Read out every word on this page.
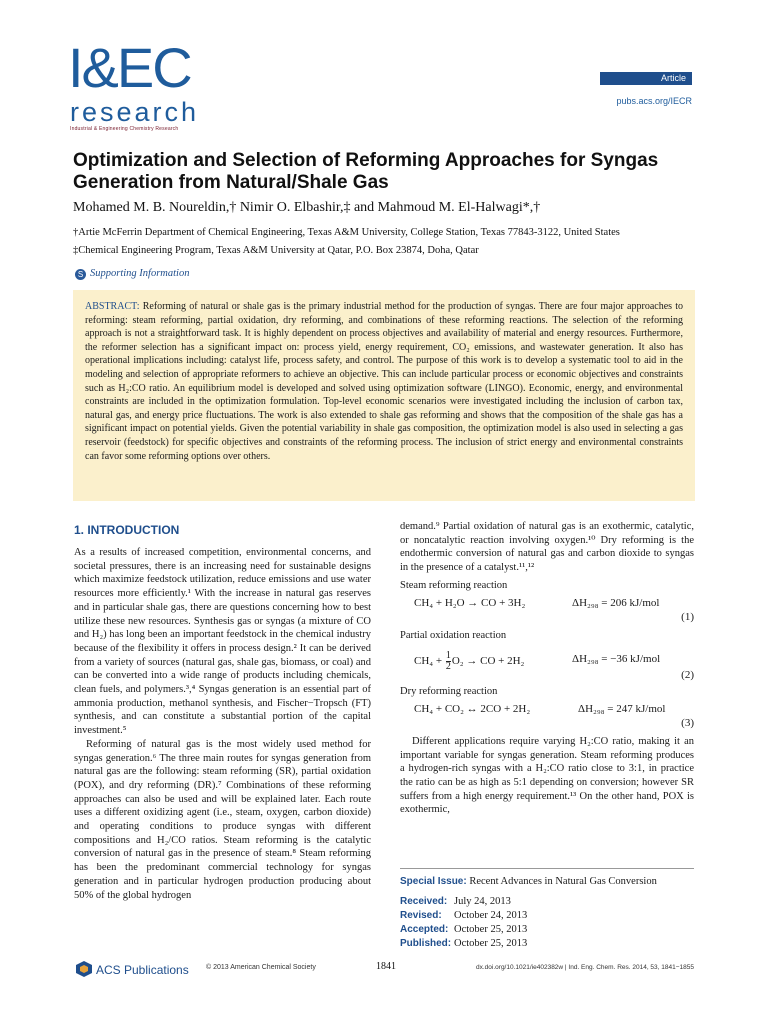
I&EC
research
Industrial & Engineering Chemistry Research
Article
pubs.acs.org/IECR
Optimization and Selection of Reforming Approaches for Syngas Generation from Natural/Shale Gas
Mohamed M. B. Noureldin,† Nimir O. Elbashir,‡ and Mahmoud M. El-Halwagi*,†
†Artie McFerrin Department of Chemical Engineering, Texas A&M University, College Station, Texas 77843-3122, United States
‡Chemical Engineering Program, Texas A&M University at Qatar, P.O. Box 23874, Doha, Qatar
S Supporting Information
ABSTRACT: Reforming of natural or shale gas is the primary industrial method for the production of syngas. There are four major approaches to reforming: steam reforming, partial oxidation, dry reforming, and combinations of these reforming reactions. The selection of the reforming approach is not a straightforward task. It is highly dependent on process objectives and availability of material and energy resources. Furthermore, the reformer selection has a significant impact on: process yield, energy requirement, CO₂ emissions, and wastewater generation. It also has operational implications including: catalyst life, process safety, and control. The purpose of this work is to develop a systematic tool to aid in the modeling and selection of appropriate reformers to achieve an objective. This can include particular process or economic objectives and constraints such as H₂:CO ratio. An equilibrium model is developed and solved using optimization software (LINGO). Economic, energy, and environmental constraints are included in the optimization formulation. Top-level economic scenarios were investigated including the inclusion of carbon tax, natural gas, and energy price fluctuations. The work is also extended to shale gas reforming and shows that the composition of the shale gas has a significant impact on potential yields. Given the potential variability in shale gas composition, the optimization model is also used in selecting a gas reservoir (feedstock) for specific objectives and constraints of the reforming process. The inclusion of strict energy and environmental constraints can favor some reforming options over others.
1. INTRODUCTION

As a results of increased competition, environmental concerns, and societal pressures, there is an increasing need for sustainable designs which maximize feedstock utilization, reduce emissions and use water resources more efficiently.¹ With the increase in natural gas reserves and in particular shale gas, there are questions concerning how to best utilize these new resources. Synthesis gas or syngas (a mixture of CO and H₂) has long been an important feedstock in the chemical industry because of the flexibility it offers in process design.² It can be derived from a variety of sources (natural gas, shale gas, biomass, or coal) and can be converted into a wide range of products including chemicals, clean fuels, and polymers.³,⁴ Syngas generation is an essential part of ammonia production, methanol synthesis, and Fischer−Tropsch (FT) synthesis, and can constitute a substantial portion of the capital investment.⁵

Reforming of natural gas is the most widely used method for syngas generation.⁶ The three main routes for syngas generation from natural gas are the following: steam reforming (SR), partial oxidation (POX), and dry reforming (DR).⁷ Combinations of these reforming approaches can also be used and will be explained later. Each route uses a different oxidizing agent (i.e., steam, oxygen, carbon dioxide) and operating conditions to produce syngas with different compositions and H₂/CO ratios. Steam reforming is the catalytic conversion of natural gas in the presence of steam.⁸ Steam reforming has been the predominant commercial technology for syngas generation and in particular hydrogen production producing about 50% of the global hydrogen

demand.⁹ Partial oxidation of natural gas is an exothermic, catalytic, or noncatalytic reaction involving oxygen.¹⁰ Dry reforming is the endothermic conversion of natural gas and carbon dioxide to syngas in the presence of a catalyst.¹¹,¹²

Steam reforming reaction

CH₄ + H₂O → CO + 3H₂	ΔH₂₉₈ = 206 kJ/mol
(1)

Partial oxidation reaction

$CH_4 + \frac{1}{2} O_2$ → CO + 2H₂	ΔH₂₉₈ = −36 kJ/mol
(2)

Dry reforming reaction

CH₄ + CO₂ ↔ 2CO + 2H₂	ΔH₂₉₈ = 247 kJ/mol
(3)

Different applications require varying H₂:CO ratio, making it an important variable for syngas generation. Steam reforming produces a hydrogen-rich syngas with a H₂:CO ratio close to 3:1, in practice the ratio can be as high as 5:1 depending on conversion; however SR suffers from a high energy requirement.¹³ On the other hand, POX is exothermic,

Special Issue: Recent Advances in Natural Gas Conversion
Received: July 24, 2013
Revised:	October 24, 2013
Accepted: October 25, 2013
Published: October 25, 2013
ACS Publications © 2013 American Chemical Society	1841	dx.doi.org/10.1021/ie402382w | Ind. Eng. Chem. Res. 2014, 53, 1841−1855
